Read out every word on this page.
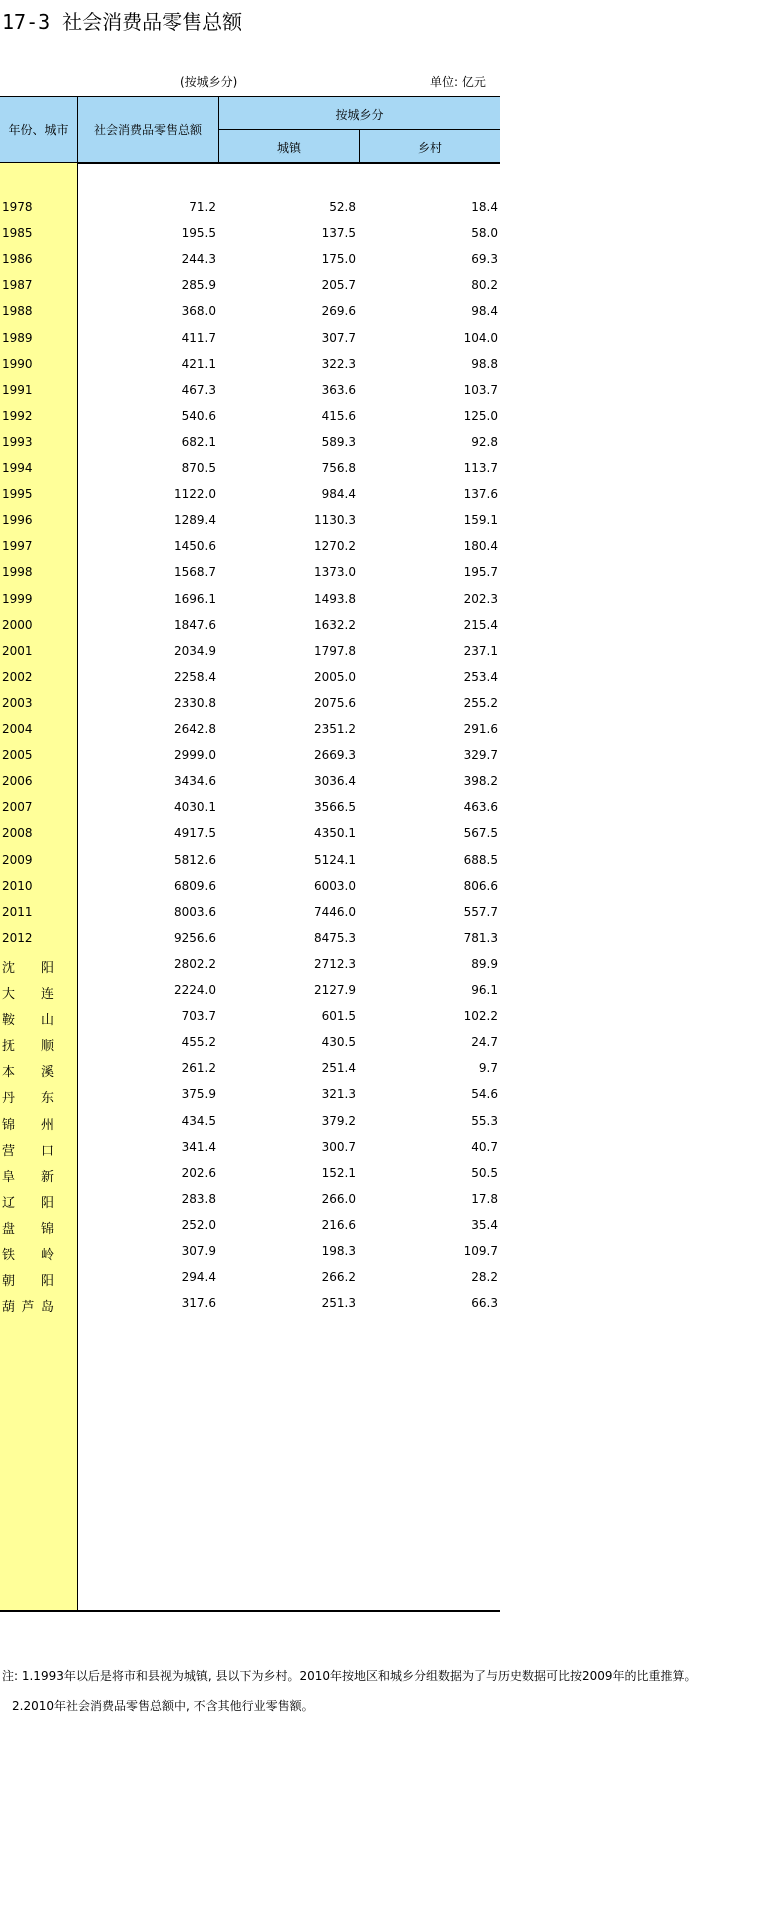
17-3 社会消费品零售总额
(按城乡分)	单位: 亿元
年份、城市	社会消费品零售总额
按城乡分
城镇	乡村
1978	71.2	52.8	18.4
1985	195.5	137.5	58.0
1986	244.3	175.0	69.3
1987	285.9	205.7	80.2
1988	368.0	269.6	98.4
1989	411.7	307.7	104.0
1990	421.1	322.3	98.8
1991	467.3	363.6	103.7
1992	540.6	415.6	125.0
1993	682.1	589.3	92.8
1994	870.5	756.8	113.7
1995	1122.0	984.4	137.6
1996	1289.4	1130.3	159.1
1997	1450.6	1270.2	180.4
1998	1568.7	1373.0	195.7
1999	1696.1	1493.8	202.3
2000	1847.6	1632.2	215.4
2001	2034.9	1797.8	237.1
2002	2258.4	2005.0	253.4
2003	2330.8	2075.6	255.2
2004	2642.8	2351.2	291.6
2005	2999.0	2669.3	329.7
2006	3434.6	3036.4	398.2
2007	4030.1	3566.5	463.6
2008	4917.5	4350.1	567.5
2009	5812.6	5124.1	688.5
2010	6809.6	6003.0	806.6
2011	8003.6	7446.0	557.7
2012	9256.6	8475.3	781.3
沈 阳	2802.2	2712.3	89.9
大 连	2224.0	2127.9	96.1
鞍 山	703.7	601.5	102.2
抚 顺	455.2	430.5	24.7
本 溪	261.2	251.4	9.7
丹 东	375.9	321.3	54.6
锦 州	434.5	379.2	55.3
营 口	341.4	300.7	40.7
阜 新	202.6	152.1	50.5
辽 阳	283.8	266.0	17.8
盘 锦	252.0	216.6	35.4
铁 岭	307.9	198.3	109.7
朝 阳	294.4	266.2	28.2
葫 芦 岛	317.6	251.3	66.3
注: 1.1993年以后是将市和县视为城镇, 县以下为乡村。2010年按地区和城乡分组数据为了与历史数据可比按2009年的比重推算。
2.2010年社会消费品零售总额中, 不含其他行业零售额。
